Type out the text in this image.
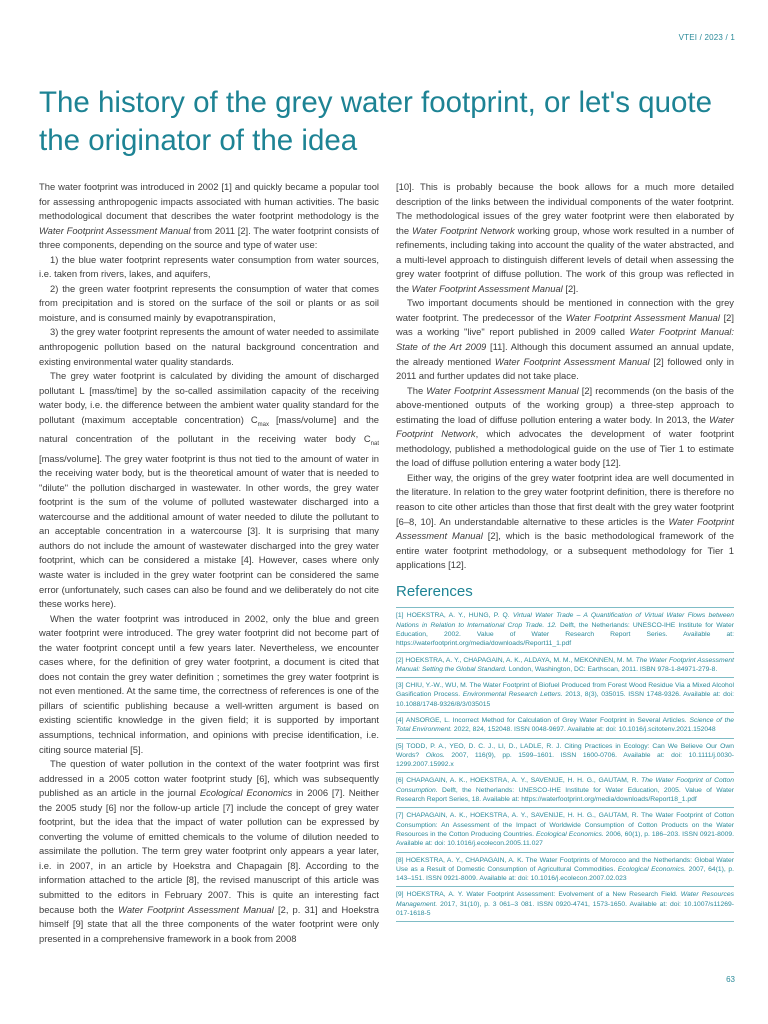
VTEI / 2023 / 1
The history of the grey water footprint, or let's quote the originator of the idea

The water footprint was introduced in 2002 [1] and quickly became a popular tool for assessing anthropogenic impacts associated with human activities. The basic methodological document that describes the water footprint methodology is the Water Footprint Assessment Manual from 2011 [2]. The water footprint consists of three components, depending on the source and type of water use:

1) the blue water footprint represents water consumption from water sources, i.e. taken from rivers, lakes, and aquifers,

2) the green water footprint represents the consumption of water that comes from precipitation and is stored on the surface of the soil or plants or as soil moisture, and is consumed mainly by evapotranspiration,

3) the grey water footprint represents the amount of water needed to assimilate anthropogenic pollution based on the natural background concentration and existing environmental water quality standards.

The grey water footprint is calculated by dividing the amount of discharged pollutant L [mass/time] by the so-called assimilation capacity of the receiving water body, i.e. the difference between the ambient water quality standard for the pollutant (maximum acceptable concentration) $C_{max}$ [mass/volume] and the natural concentration of the pollutant in the receiving water body $C_{nat}$ [mass/volume]. The grey water footprint is thus not tied to the amount of water in the receiving water body, but is the theoretical amount of water that is needed to "dilute" the pollution discharged in wastewater. In other words, the grey water footprint is the sum of the volume of polluted wastewater discharged into a watercourse and the additional amount of water needed to dilute the pollutant to an acceptable concentration in a watercourse [3]. It is surprising that many authors do not include the amount of wastewater discharged into the grey water footprint, which can be considered a mistake [4]. However, cases where only waste water is included in the grey water footprint can be considered the same error (unfortunately, such cases can also be found and we deliberately do not cite these works here).

When the water footprint was introduced in 2002, only the blue and green water footprint were introduced. The grey water footprint did not become part of the water footprint concept until a few years later. Nevertheless, we encounter cases where, for the definition of grey water footprint, a document is cited that does not contain the grey water definition ; sometimes the grey water footprint is not even mentioned. At the same time, the correctness of references is one of the pillars of scientific publishing because a well-written argument is based on existing scientific knowledge in the given field; it is supported by important assumptions, technical information, and opinions with precise identification, i.e. citing source material [5].

The question of water pollution in the context of the water footprint was first addressed in a 2005 cotton water footprint study [6], which was subsequently published as an article in the journal Ecological Economics in 2006 [7]. Neither the 2005 study [6] nor the follow-up article [7] include the concept of grey water footprint, but the idea that the impact of water pollution can be expressed by converting the volume of emitted chemicals to the volume of dilution needed to assimilate the pollution. The term grey water footprint only appears a year later, i.e. in 2007, in an article by Hoekstra and Chapagain [8]. According to the information attached to the article [8], the revised manuscript of this article was submitted to the editors in February 2007. This is quite an interesting fact because both the Water Footprint Assessment Manual [2, p. 31] and Hoekstra himself [9] state that all the three components of the water footprint were only presented in a comprehensive framework in a book from 2008

[10]. This is probably because the book allows for a much more detailed description of the links between the individual components of the water footprint. The methodological issues of the grey water footprint were then elaborated by the Water Footprint Network working group, whose work resulted in a number of refinements, including taking into account the quality of the water abstracted, and a multi-level approach to distinguish different levels of detail when assessing the grey water footprint of diffuse pollution. The work of this group was reflected in the Water Footprint Assessment Manual [2].

Two important documents should be mentioned in connection with the grey water footprint. The predecessor of the Water Footprint Assessment Manual [2] was a working "live" report published in 2009 called Water Footprint Manual: State of the Art 2009 [11]. Although this document assumed an annual update, the already mentioned Water Footprint Assessment Manual [2] followed only in 2011 and further updates did not take place.

The Water Footprint Assessment Manual [2] recommends (on the basis of the above-mentioned outputs of the working group) a three-step approach to estimating the load of diffuse pollution entering a water body. In 2013, the Water Footprint Network, which advocates the development of water footprint methodology, published a methodological guide on the use of Tier 1 to estimate the load of diffuse pollution entering a water body [12].

Either way, the origins of the grey water footprint idea are well documented in the literature. In relation to the grey water footprint definition, there is therefore no reason to cite other articles than those that first dealt with the grey water footprint [6–8, 10]. An understandable alternative to these articles is the Water Footprint Assessment Manual [2], which is the basic methodological framework of the entire water footprint methodology, or a subsequent methodology for Tier 1 applications [12].

References
[1] HOEKSTRA, A. Y., HUNG, P. Q. Virtual Water Trade – A Quantification of Virtual Water Flows between Nations in Relation to International Crop Trade. 12. Delft, the Netherlands: UNESCO-IHE Institute for Water Education, 2002. Value of Water Research Report Series. Available at: https://waterfootprint.org/media/downloads/Report11_1.pdf
[2] HOEKSTRA, A. Y., CHAPAGAIN, A. K., ALDAYA, M. M., MEKONNEN, M. M. The Water Footprint Assessment Manual: Setting the Global Standard. London, Washington, DC: Earthscan, 2011. ISBN 978-1-84971-279-8.
[3] CHIU, Y.-W., WU, M. The Water Footprint of Biofuel Produced from Forest Wood Residue Via a Mixed Alcohol Gasification Process. Environmental Research Letters. 2013, 8(3), 035015. ISSN 1748-9326. Available at: doi: 10.1088/1748-9326/8/3/035015
[4] ANSORGE, L. Incorrect Method for Calculation of Grey Water Footprint in Several Articles. Science of the Total Environment. 2022, 824, 152048. ISSN 0048-9697. Available at: doi: 10.1016/j.scitotenv.2021.152048
[5] TODD, P. A., YEO, D. C. J., LI, D., LADLE, R. J. Citing Practices in Ecology: Can We Believe Our Own Words? Oikos. 2007, 116(9), pp. 1599–1601. ISSN 1600-0706. Available at: doi: 10.1111/j.0030-1299.2007.15992.x
[6] CHAPAGAIN, A. K., HOEKSTRA, A. Y., SAVENIJE, H. H. G., GAUTAM, R. The Water Footprint of Cotton Consumption. Delft, the Netherlands: UNESCO-IHE Institute for Water Education, 2005. Value of Water Research Report Series, 18. Available at: https://waterfootprint.org/media/downloads/Report18_1.pdf
[7] CHAPAGAIN, A. K., HOEKSTRA, A. Y., SAVENIJE, H. H. G., GAUTAM, R. The Water Footprint of Cotton Consumption: An Assessment of the Impact of Worldwide Consumption of Cotton Products on the Water Resources in the Cotton Producing Countries. Ecological Economics. 2006, 60(1), p. 186–203. ISSN 0921-8009. Available at: doi: 10.1016/j.ecolecon.2005.11.027
[8] HOEKSTRA, A. Y., CHAPAGAIN, A. K. The Water Footprints of Morocco and the Netherlands: Global Water Use as a Result of Domestic Consumption of Agricultural Commodities. Ecological Economics. 2007, 64(1), p. 143–151. ISSN 0921-8009. Available at: doi: 10.1016/j.ecolecon.2007.02.023
[9] HOEKSTRA, A. Y. Water Footprint Assessment: Evolvement of a New Research Field. Water Resources Management. 2017, 31(10), p. 3 061–3 081. ISSN 0920-4741, 1573-1650. Available at: doi: 10.1007/s11269-017-1618-5
63
